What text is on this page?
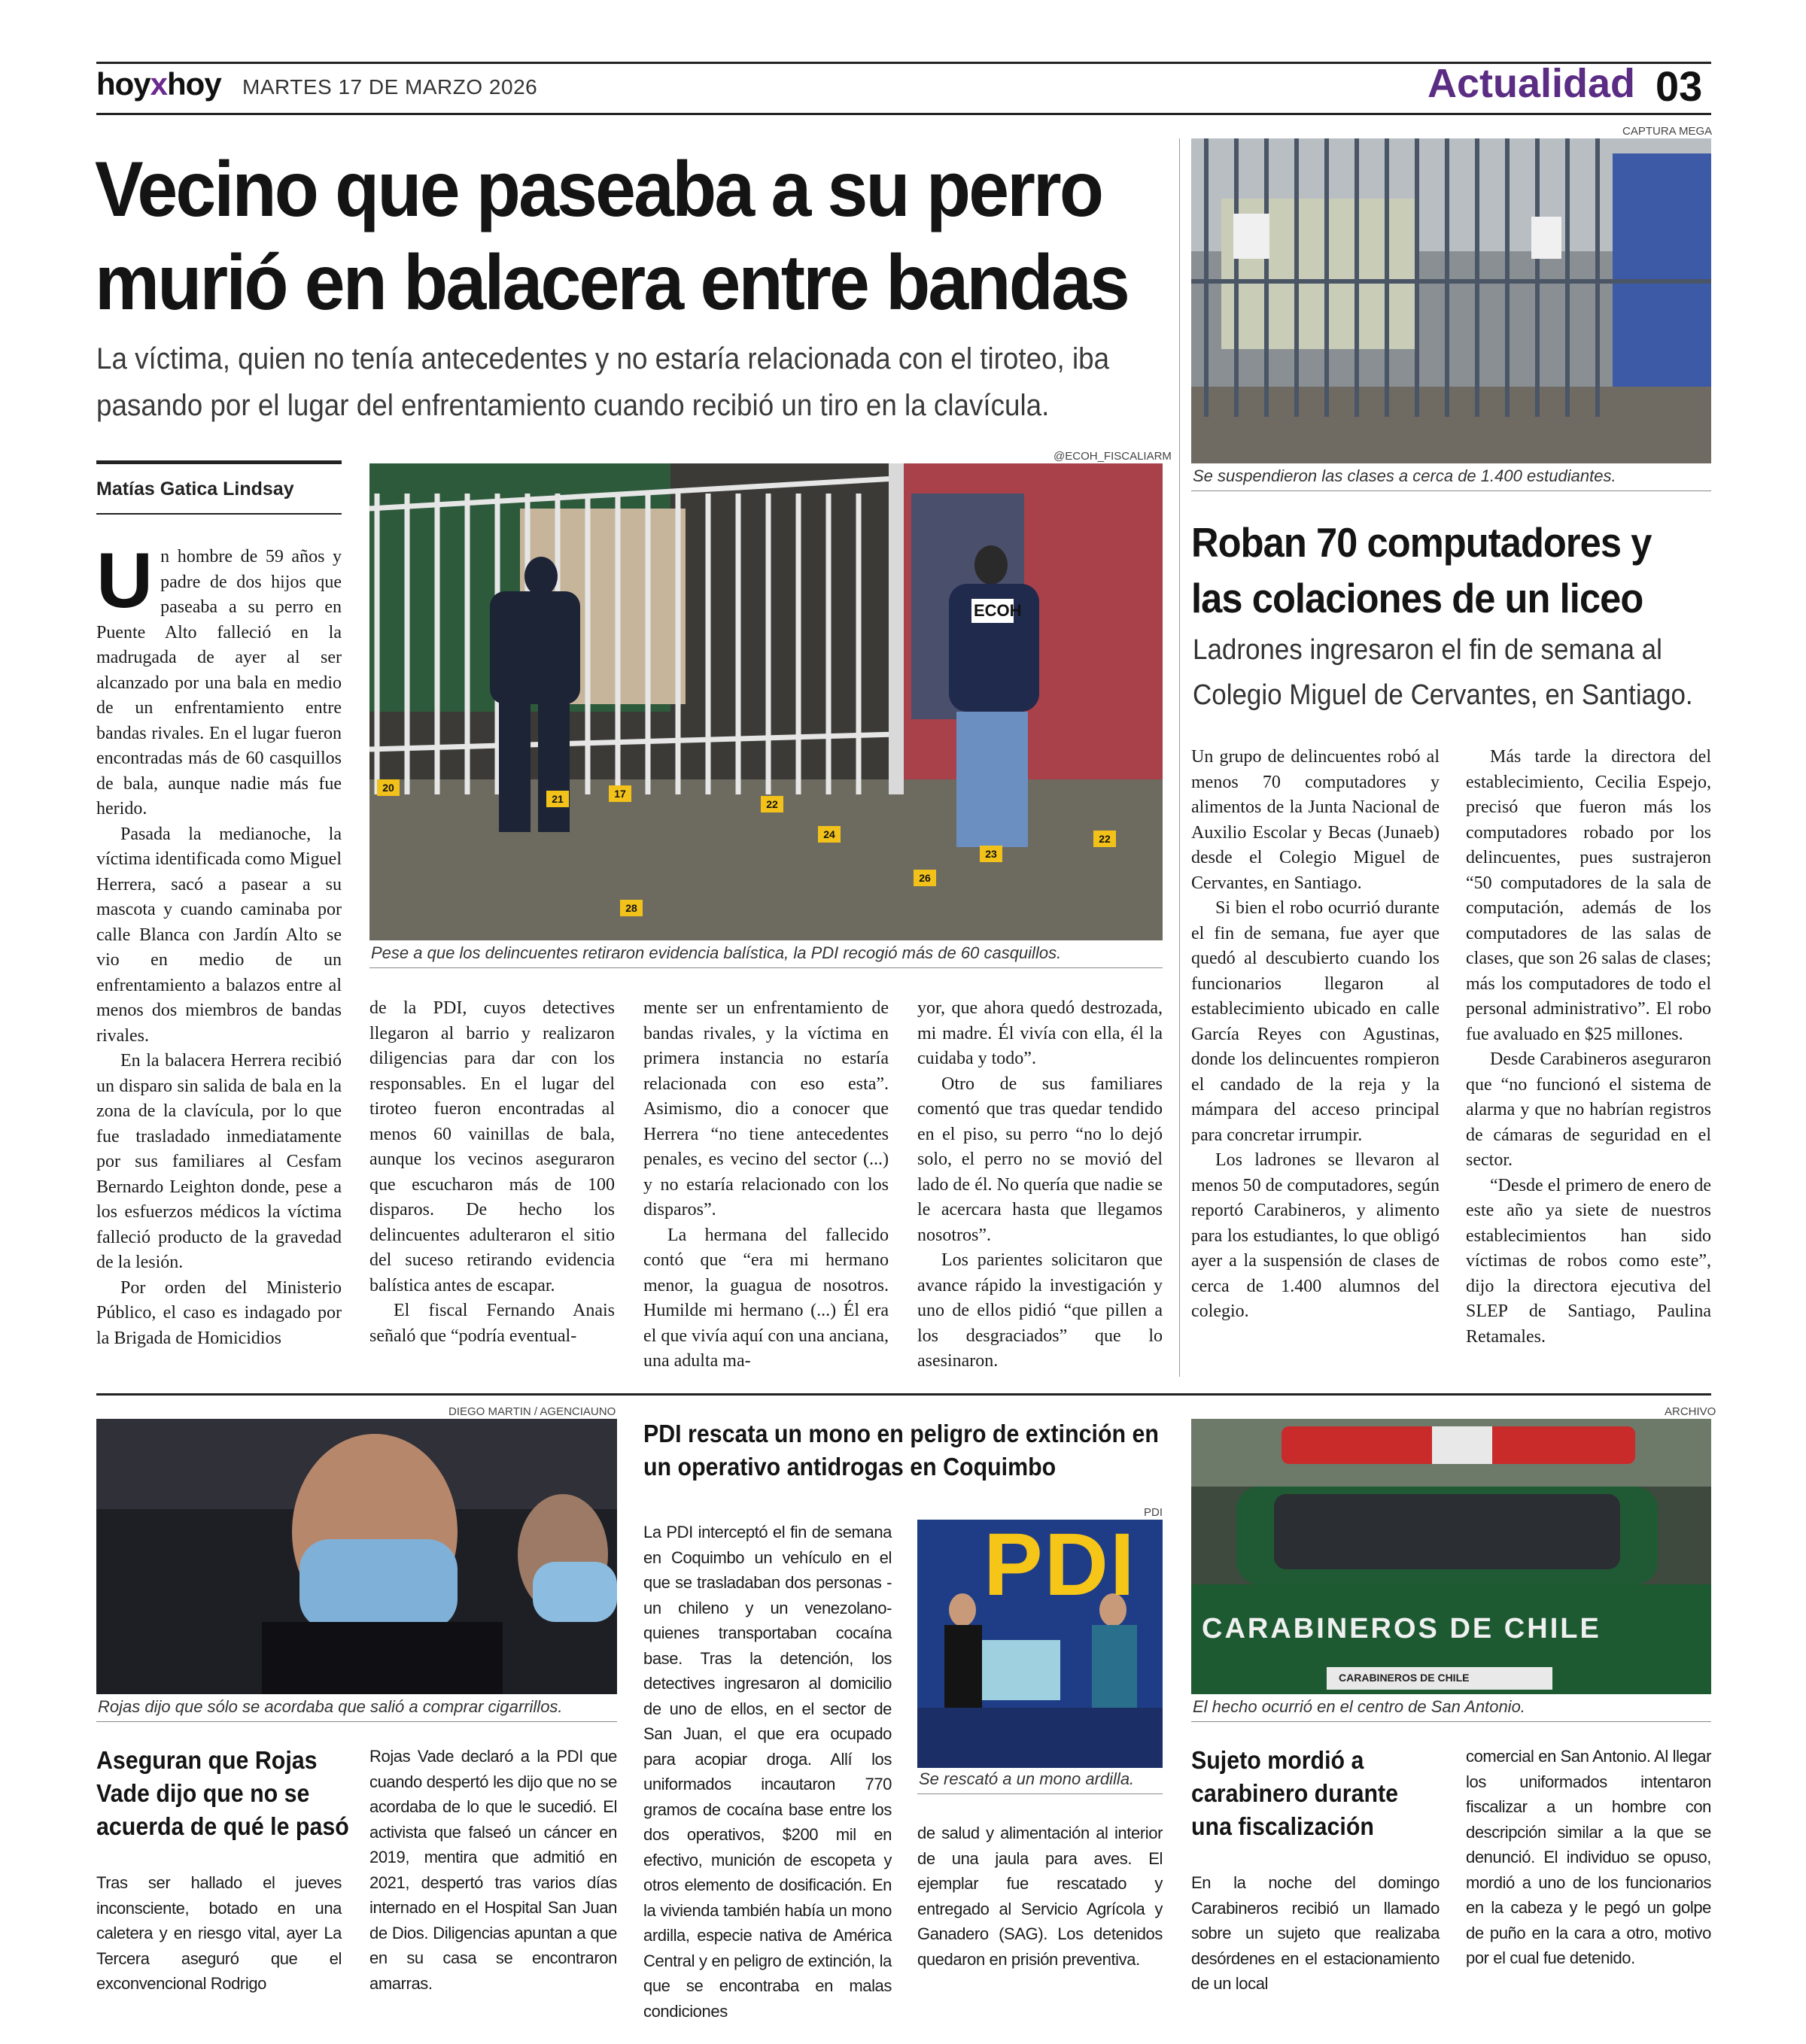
hoyxhoy MARTES 17 DE MARZO 2026	Actualidad 03
Vecino que paseaba a su perro
murió en balacera entre bandas
La víctima, quien no tenía antecedentes y no estaría relacionada con el tiroteo, iba
pasando por el lugar del enfrentamiento cuando recibió un tiro en la clavícula.
Matías Gatica Lindsay
@ECOH_FISCALIARM
ECOH
20
21	17
22
24	22
23
26
28
Pese a que los delincuentes retiraron evidencia balística, la PDI recogió más de 60 casquillos.

Un hombre de 59 años y padre de dos hijos que paseaba a su perro en Puente Alto falleció en la madrugada de ayer al ser alcanzado por una bala en medio de un enfrentamiento entre bandas rivales. En el lugar fueron encontradas más de 60 casquillos de bala, aunque nadie más fue herido.

Pasada la medianoche, la víctima identificada como Miguel Herrera, sacó a pasear a su mascota y cuando caminaba por calle Blanca con Jardín Alto se vio en medio de un enfrentamiento a balazos entre al menos dos miembros de bandas rivales.

En la balacera Herrera recibió un disparo sin salida de bala en la zona de la clavícula, por lo que fue trasladado inmediatamente por sus familiares al Cesfam Bernardo Leighton donde, pese a los esfuerzos médicos la víctima falleció producto de la gravedad de la lesión.

Por orden del Ministerio Público, el caso es indagado por la Brigada de Homicidios

de la PDI, cuyos detectives llegaron al barrio y realizaron diligencias para dar con los responsables. En el lugar del tiroteo fueron encontradas al menos 60 vainillas de bala, aunque los vecinos aseguraron que escucharon más de 100 disparos. De hecho los delincuentes adulteraron el sitio del suceso retirando evidencia balística antes de escapar.

El fiscal Fernando Anais señaló que “podría eventual-

mente ser un enfrentamiento de bandas rivales, y la víctima en primera instancia no estaría relacionada con eso esta”. Asimismo, dio a conocer que Herrera “no tiene antecedentes penales, es vecino del sector (...) y no estaría relacionado con los disparos”.

La hermana del fallecido contó que “era mi hermano menor, la guagua de nosotros. Humilde mi hermano (...) Él era el que vivía aquí con una anciana, una adulta ma-

yor, que ahora quedó destrozada, mi madre. Él vivía con ella, él la cuidaba y todo”.

Otro de sus familiares comentó que tras quedar tendido en el piso, su perro “no lo dejó solo, el perro no se movió del lado de él. No quería que nadie se le acercara hasta que llegamos nosotros”.

Los parientes solicitaron que avance rápido la investigación y uno de ellos pidió “que pillen a los desgraciados” que lo asesinaron.

CAPTURA MEGA
Se suspendieron las clases a cerca de 1.400 estudiantes.
Roban 70 computadores y
las colaciones de un liceo
Ladrones ingresaron el fin de semana al
Colegio Miguel de Cervantes, en Santiago.

Un grupo de delincuentes robó al menos 70 computadores y alimentos de la Junta Nacional de Auxilio Escolar y Becas (Junaeb) desde el Colegio Miguel de Cervantes, en Santiago.

Si bien el robo ocurrió durante el fin de semana, fue ayer que quedó al descubierto cuando los funcionarios llegaron al establecimiento ubicado en calle García Reyes con Agustinas, donde los delincuentes rompieron el candado de la reja y la mámpara del acceso principal para concretar irrumpir.

Los ladrones se llevaron al menos 50 de computadores, según reportó Carabineros, y alimento para los estudiantes, lo que obligó ayer a la suspensión de clases de cerca de 1.400 alumnos del colegio.

Más tarde la directora del establecimiento, Cecilia Espejo, precisó que fueron más los computadores robado por los delincuentes, pues sustrajeron “50 computadores de la sala de computación, además de los computadores de las salas de clases, que son 26 salas de clases; más los computadores de todo el personal administrativo”. El robo fue avaluado en $25 millones.

Desde Carabineros aseguraron que “no funcionó el sistema de alarma y que no habrían registros de cámaras de seguridad en el sector.

“Desde el primero de enero de este año ya siete de nuestros establecimientos han sido víctimas de robos como este”, dijo la directora ejecutiva del SLEP de Santiago, Paulina Retamales.

DIEGO MARTIN / AGENCIAUNO
Rojas dijo que sólo se acordaba que salió a comprar cigarrillos.
Aseguran que Rojas
Vade dijo que no se
acuerda de qué le pasó

Tras ser hallado el jueves inconsciente, botado en una caletera y en riesgo vital, ayer La Tercera aseguró que el exconvencional Rodrigo

Rojas Vade declaró a la PDI que cuando despertó les dijo que no se acordaba de lo que le sucedió. El activista que falseó un cáncer en 2019, mentira que admitió en 2021, despertó tras varios días internado en el Hospital San Juan de Dios. Diligencias apuntan a que en su casa se encontraron amarras.

PDI rescata un mono en peligro de extinción en
un operativo antidrogas en Coquimbo

La PDI interceptó el fin de semana en Coquimbo un vehículo en el que se trasladaban dos personas -un chileno y un venezolano- quienes transportaban cocaína base. Tras la detención, los detectives ingresaron al domicilio de uno de ellos, en el sector de San Juan, el que era ocupado para acopiar droga. Allí los uniformados incautaron 770 gramos de cocaína base entre los dos operativos, $200 mil en efectivo, munición de escopeta y otros elemento de dosificación. En la vivienda también había un mono ardilla, especie nativa de América Central y en peligro de extinción, la que se encontraba en malas condiciones

PDI
PDI
Se rescató a un mono ardilla.

de salud y alimentación al interior de una jaula para aves. El ejemplar fue rescatado y entregado al Servicio Agrícola y Ganadero (SAG). Los detenidos quedaron en prisión preventiva.

ARCHIVO
CARABINEROS DE CHILE
CARABINEROS DE CHILE
El hecho ocurrió en el centro de San Antonio.
Sujeto mordió a
carabinero durante
una fiscalización

En la noche del domingo Carabineros recibió un llamado sobre un sujeto que realizaba desórdenes en el estacionamiento de un local

comercial en San Antonio. Al llegar los uniformados intentaron fiscalizar a un hombre con descripción similar a la que se denunció. El individuo se opuso, mordió a uno de los funcionarios en la cabeza y le pegó un golpe de puño en la cara a otro, motivo por el cual fue detenido.
